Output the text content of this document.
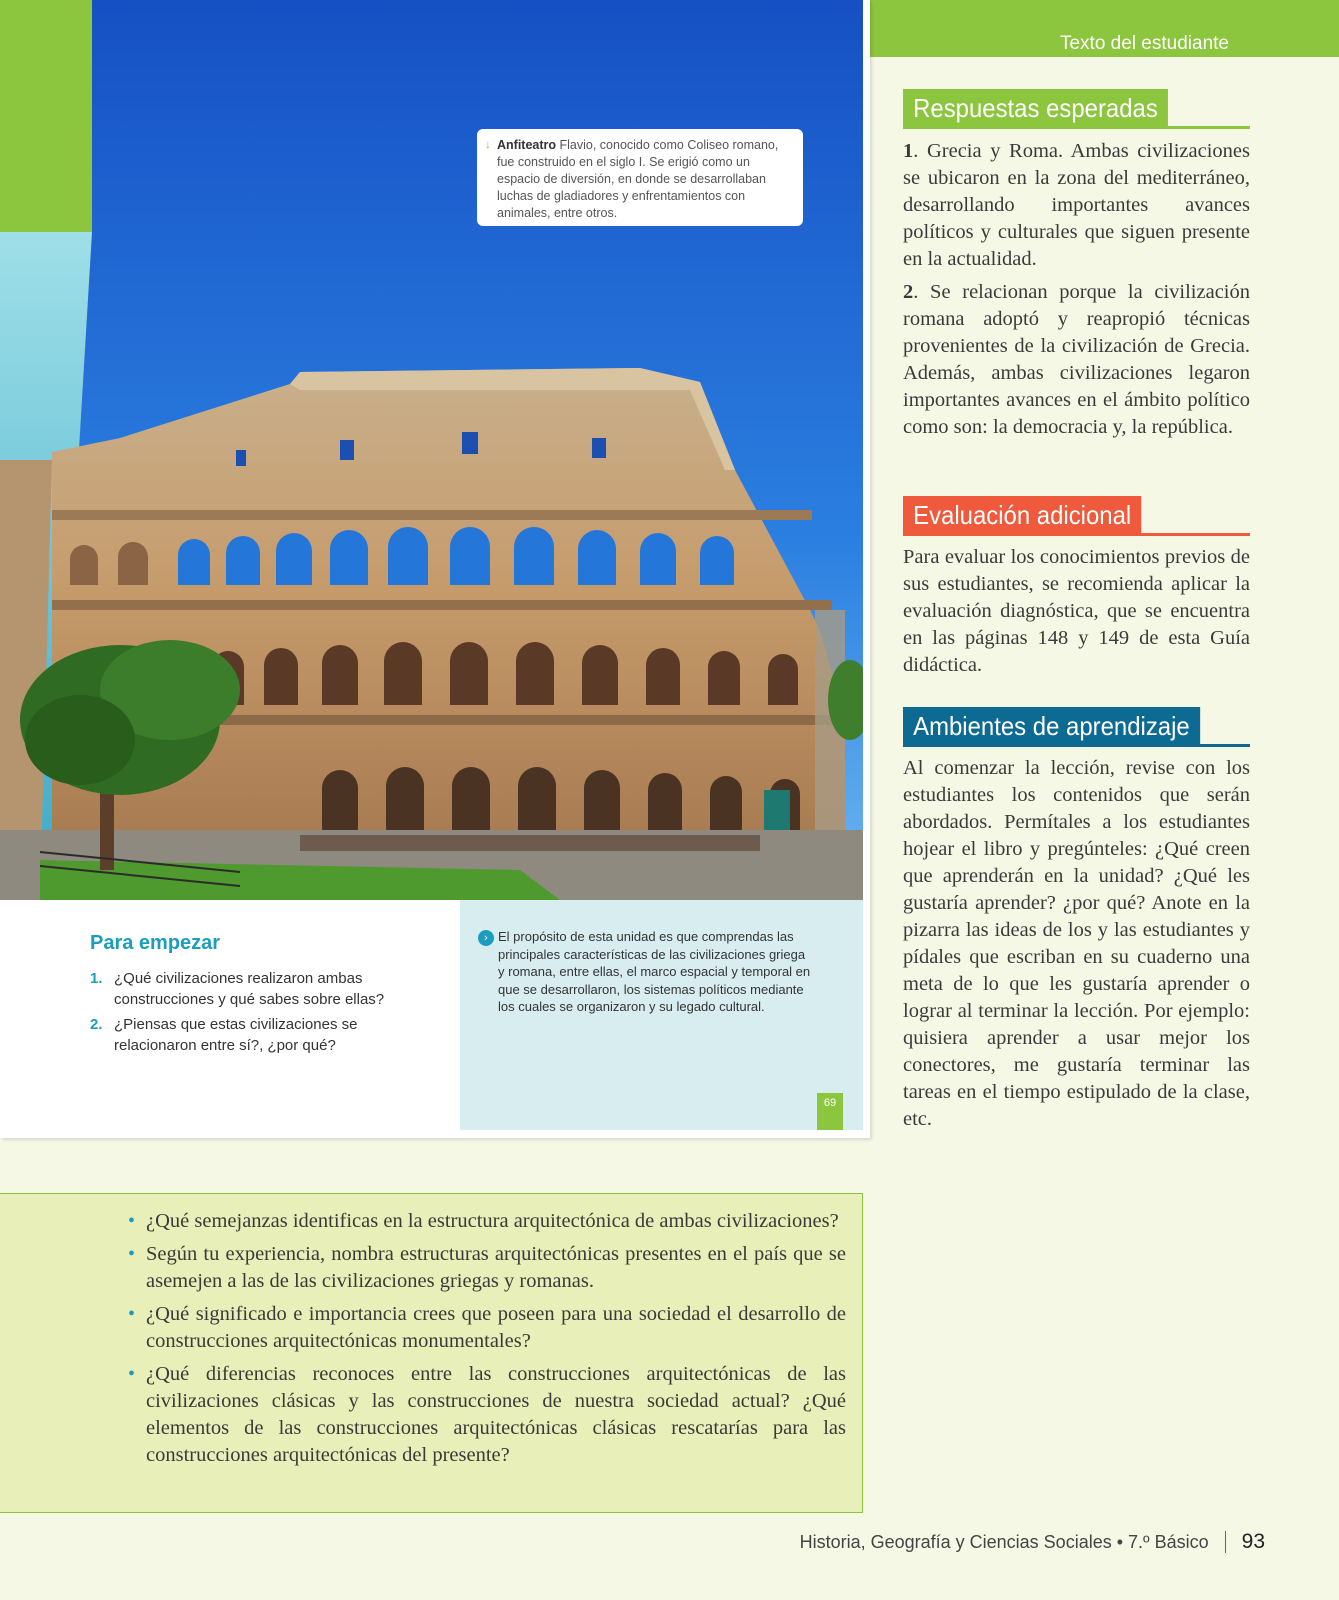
Texto del estudiante
↓ Anfiteatro Flavio, conocido como Coliseo romano, fue construido en el siglo I. Se erigió como un espacio de diversión, en donde se desarrollaban luchas de gladiadores y enfrentamientos con animales, entre otros.
Para empezar
1. ¿Qué civilizaciones realizaron ambas construcciones y qué sabes sobre ellas?
2. ¿Piensas que estas civilizaciones se relacionaron entre sí?, ¿por qué?
› El propósito de esta unidad es que comprendas las principales características de las civilizaciones griega y romana, entre ellas, el marco espacial y temporal en que se desarrollaron, los sistemas políticos mediante los cuales se organizaron y su legado cultural.
69
Respuestas esperadas

1. Grecia y Roma. Ambas civilizaciones se ubicaron en la zona del mediterráneo, desarrollando importantes avances políticos y culturales que siguen presente en la actualidad.

2. Se relacionan porque la civilización romana adoptó y reapropió técnicas provenientes de la civilización de Grecia. Además, ambas civilizaciones legaron importantes avances en el ámbito político como son: la democracia y, la república.

Evaluación adicional
Para evaluar los conocimientos previos de sus estudiantes, se recomienda aplicar la evaluación diagnóstica, que se encuentra en las páginas 148 y 149 de esta Guía didáctica.
Ambientes de aprendizaje
Al comenzar la lección, revise con los estudiantes los contenidos que serán abordados. Permítales a los estudiantes hojear el libro y pregúnteles: ¿Qué creen que aprenderán en la unidad? ¿Qué les gustaría aprender? ¿por qué? Anote en la pizarra las ideas de los y las estudiantes y pídales que escriban en su cuaderno una meta de lo que les gustaría aprender o lograr al terminar la lección. Por ejemplo: quisiera aprender a usar mejor los conectores, me gustaría terminar las tareas en el tiempo estipulado de la clase, etc.
• ¿Qué semejanzas identificas en la estructura arquitectónica de ambas civilizaciones?
• Según tu experiencia, nombra estructuras arquitectónicas presentes en el país que se asemejen a las de las civilizaciones griegas y romanas.
• ¿Qué significado e importancia crees que poseen para una sociedad el desarrollo de construcciones arquitectónicas monumentales?
• ¿Qué diferencias reconoces entre las construcciones arquitectónicas de las civilizaciones clásicas y las construcciones de nuestra sociedad actual? ¿Qué elementos de las construcciones arquitectónicas clásicas rescatarías para las construcciones arquitectónicas del presente?
Historia, Geografía y Ciencias Sociales • 7.º Básico 93
